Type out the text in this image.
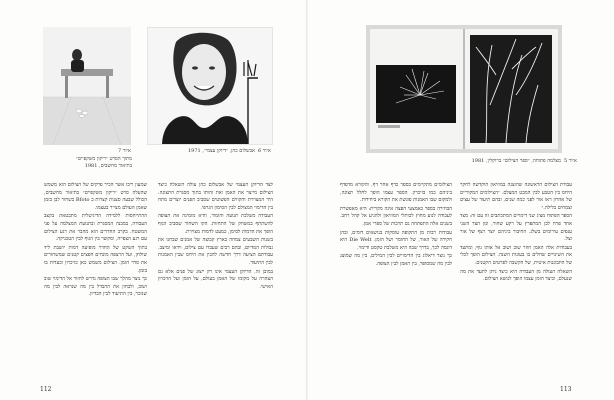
איור 7
מתוך הסרט ״ריקון משקפיים״
בתיאור מחשבים, 1981
איור 6
אבשלום כהן, ״דיוקן עצמי״, 1971

שמעון ריבו אשר הכיר פרקים של הצילום הוא משמש שהעלה סרט ״ריקון משקפיים״ בתיאור מחשבים, הכולל שבעה סצנות קצרות ב Bfoto בשחור לבן בזמן שאמן העולם מצייר בעצמו.

ההתייחסות ללמידה הדיגיטלית מתבטאת בקצב העבודה, במבנה המסגרת ובתנועת המצלמה על פני המשטח. בקרב החדרים הוא מחבר את רגע הצילום עם רגע הצפייה, ומקשר בין הגוף לבין הטכניקה.

בתוך השקט של החדר מופיעה דמות יושבת ליד שולחן, ועל הרצפה מונחים חפצים קטנים שמשחזרים את סדר הזמן. הצילום משמש כאן כזיכרון וכעדות בו בזמן.

כך נוצר מהלך שבו הצופה נדרש לחזור אל הדימוי שוב ושוב, ולבחון את ההבדל בין מה שנראה לבין מה שנזכר, בין התיעוד לבין הבדיון.

לצד הדיוקן העצמי של אבשלום כהן עולה השאלה כיצד הצילום מייצר את האמן ואת זהותו בתוך מסגרת התצוגה. היד המצוירת והקווים הפשוטים שסביב הפנים יוצרים מתח בין הדימוי המצולם לבין הסימון הגרפי.

העבודה משלבת תנועה והומור, והיא מזמינה את הצופה להשתתף במשחק של התחזות. הקו השחור שסביב הגוף הופך את הדמות לסימן, כמעט לדמות מצוירת.

בשנות השבעים צמחה בארץ קבוצה של אמנים שבחנו את גבולות המדיום, ובהם רבים שעבדו עם צילום, וידאו ומיצב. עבודתם הציעה דרך חדשה להבין את היחס שבין האמנות לבין התיעוד.

במובן זה, הדיוקן העצמי אינו רק ייצוג של פנים אלא גם הצהרה על מקומו של האמן בעולם, על הזמן ועל הזיכרון האישי.

112
איור 5
מצלמה פתוחה, ״ספר הצילום״ ברוקלין, 1981

עבודת הצילום הראשונה שהוצגה במוזיאון הוקדשה לחקר היחס בין הטבע לבין המבט המצלם. ״הצילומים המקוריים של אהרון ראו אור לפני כמה שנים, ובהם תיעוד של עצים וצמחים בלילה.״

הספר הפתוח מציג שני דימויים המתכתבים זה עם זה: מצד אחד פרח לבן המתפרץ על רקע שחור, ומן הצד השני ענפים עירומים בשלג. החיבור ביניהם יוצר רצף של אור וצל.

בעבודות אלה האמן חוזר שוב ושוב אל אותו נוף, ומתעד את השינויים שחלים בו בעונות השנה. הצילום הופך לכלי של התבוננות איטית, של הקשבה לפרטים הקטנים.

השאלה העולה מן העבודה היא כיצד ניתן לתעד את מה שנעלם, וכיצד הזמן עצמו הופך לנושא הצילום.

הצילומים מתקיימים בספר כדף אחר דף, והקורא מדפדף ביניהם כמו בזיכרון. הספר עצמו הופך לחלל תצוגה, ולמקום שבו האמנות פוגשת את הקורא ביחידות.

הבחירה בספר כאמצעי הפצה אינה מקרית: היא מאפשרת לעבודה לנוע מחוץ לכותלי המוזיאון ולהגיע אל קהל רחב. בשנים אלה התפתחה גם תרבות של ספרי אמן.

עבודות רבות מן התקופה עוסקות בנושאים דומים, ובהן חקירה של האור, של החומר ושל הזמן. Die Welt היא דוגמה לכך, בדרך שבה היא משלבת טקסט ודימוי.

כך נוצר דיאלוג בין הדימויים לבין המילים, בין מה שמוצג לבין מה שמסופר, בין האמן לבין הצופה.

113
